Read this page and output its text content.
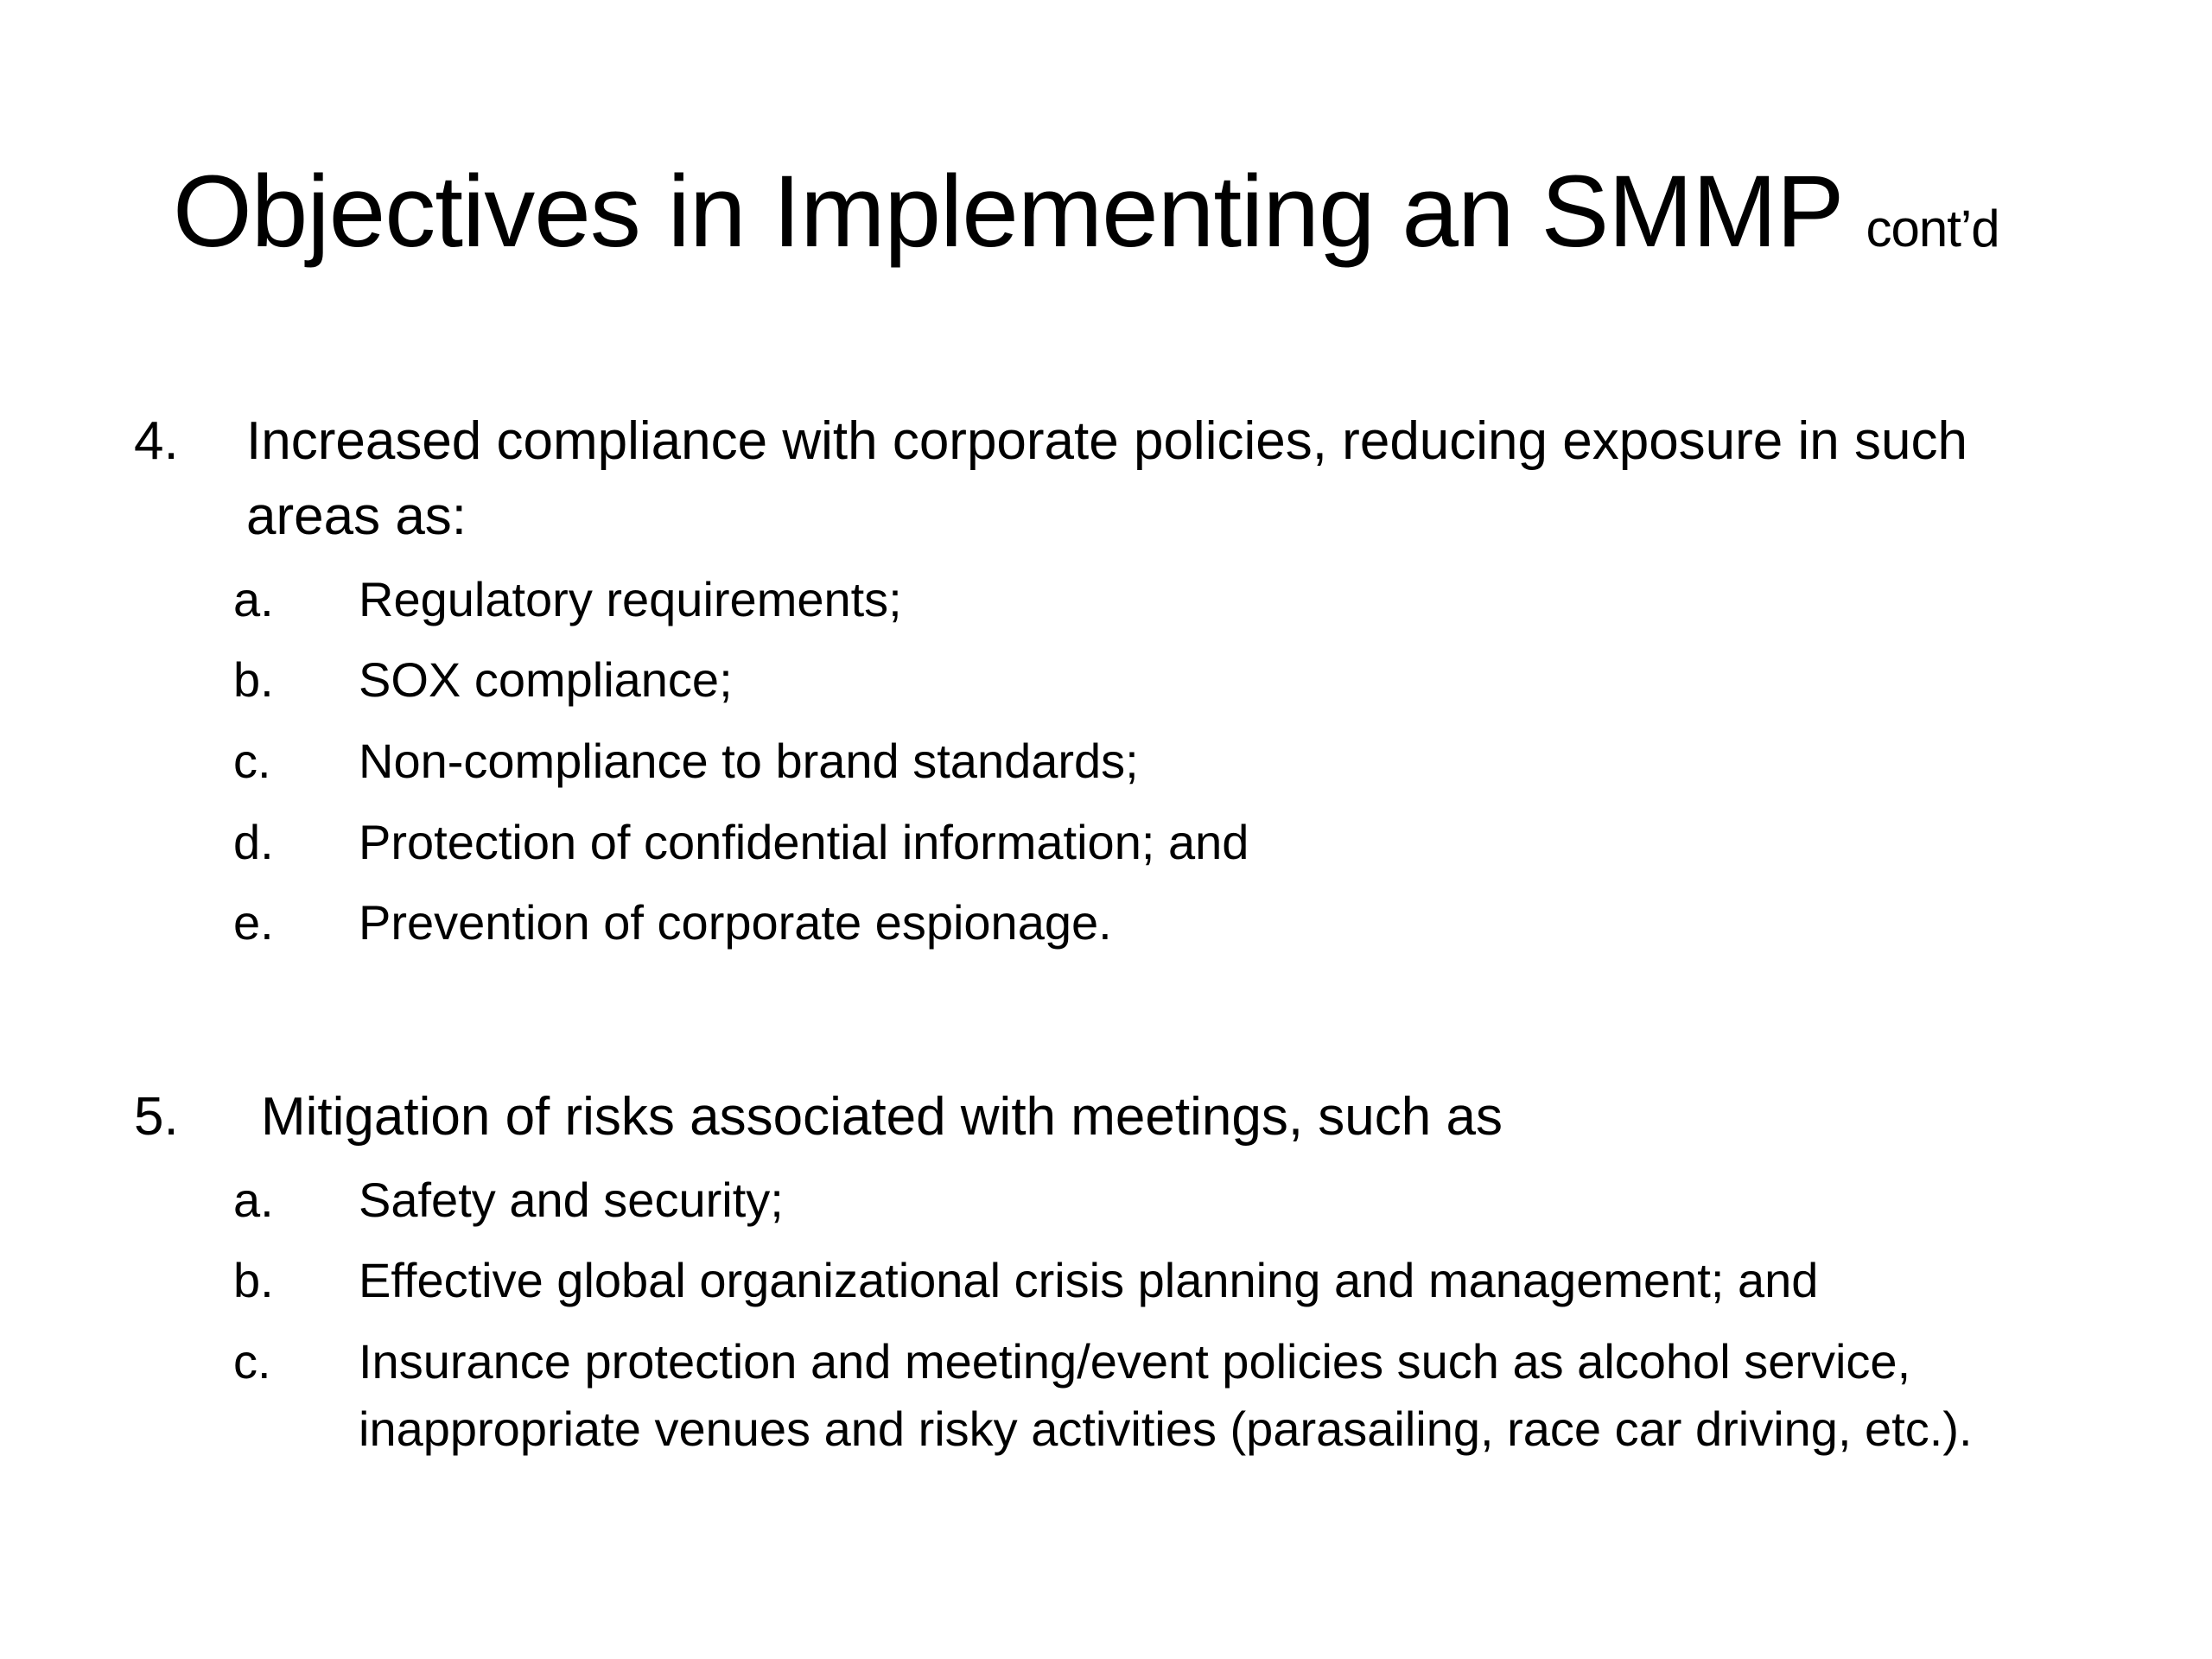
Objectives in Implementing an SMMP cont’d
4. Increased compliance with corporate policies, reducing exposure in such
areas as:
a. Regulatory requirements;
b. SOX compliance;
c. Non-compliance to brand standards;
d. Protection of confidential information; and
e. Prevention of corporate espionage.
5. Mitigation of risks associated with meetings, such as
a. Safety and security;
b. Effective global organizational crisis planning and management; and
c. Insurance protection and meeting/event policies such as alcohol service,
inappropriate venues and risky activities (parasailing, race car driving, etc.).
